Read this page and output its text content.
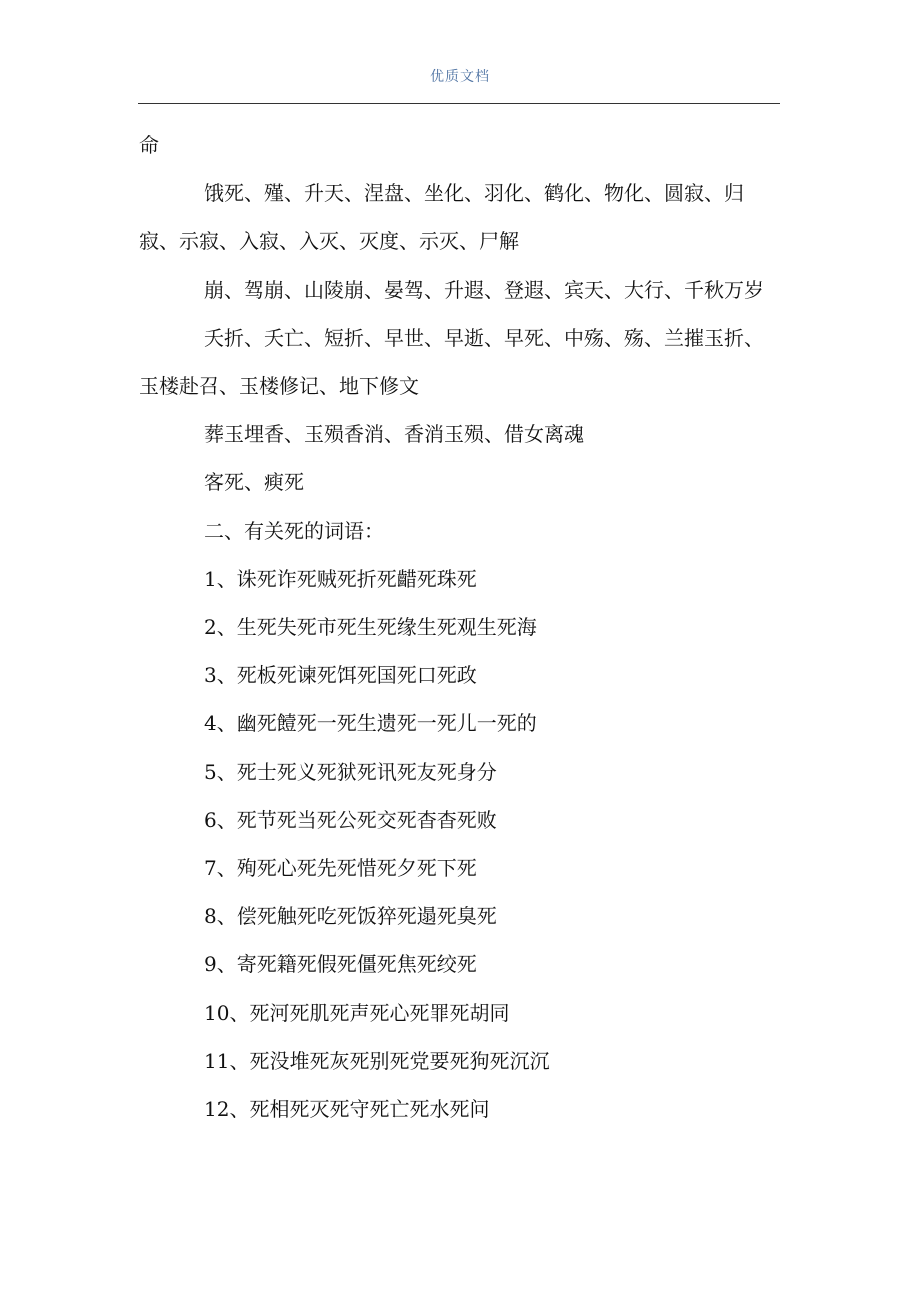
优质文档

命

饿死、殣、升天、涅盘、坐化、羽化、鹤化、物化、圆寂、归寂、示寂、入寂、入灭、灭度、示灭、尸解

崩、驾崩、山陵崩、晏驾、升遐、登遐、宾天、大行、千秋万岁

夭折、夭亡、短折、早世、早逝、早死、中殇、殇、兰摧玉折、玉楼赴召、玉楼修记、地下修文

葬玉埋香、玉殒香消、香消玉殒、借女离魂

客死、瘐死

二、有关死的词语：

1、诛死诈死贼死折死齰死珠死

2、生死失死市死生死缘生死观生死海

3、死板死谏死饵死国死口死政

4、幽死饐死一死生遗死一死儿一死的

5、死士死义死狱死讯死友死身分

6、死节死当死公死交死杳杳死败

7、殉死心死先死惜死夕死下死

8、偿死触死吃死饭猝死遢死臭死

9、寄死籍死假死僵死焦死绞死

10、死河死肌死声死心死罪死胡同

11、死没堆死灰死别死党要死狗死沉沉

12、死相死灭死守死亡死水死问
